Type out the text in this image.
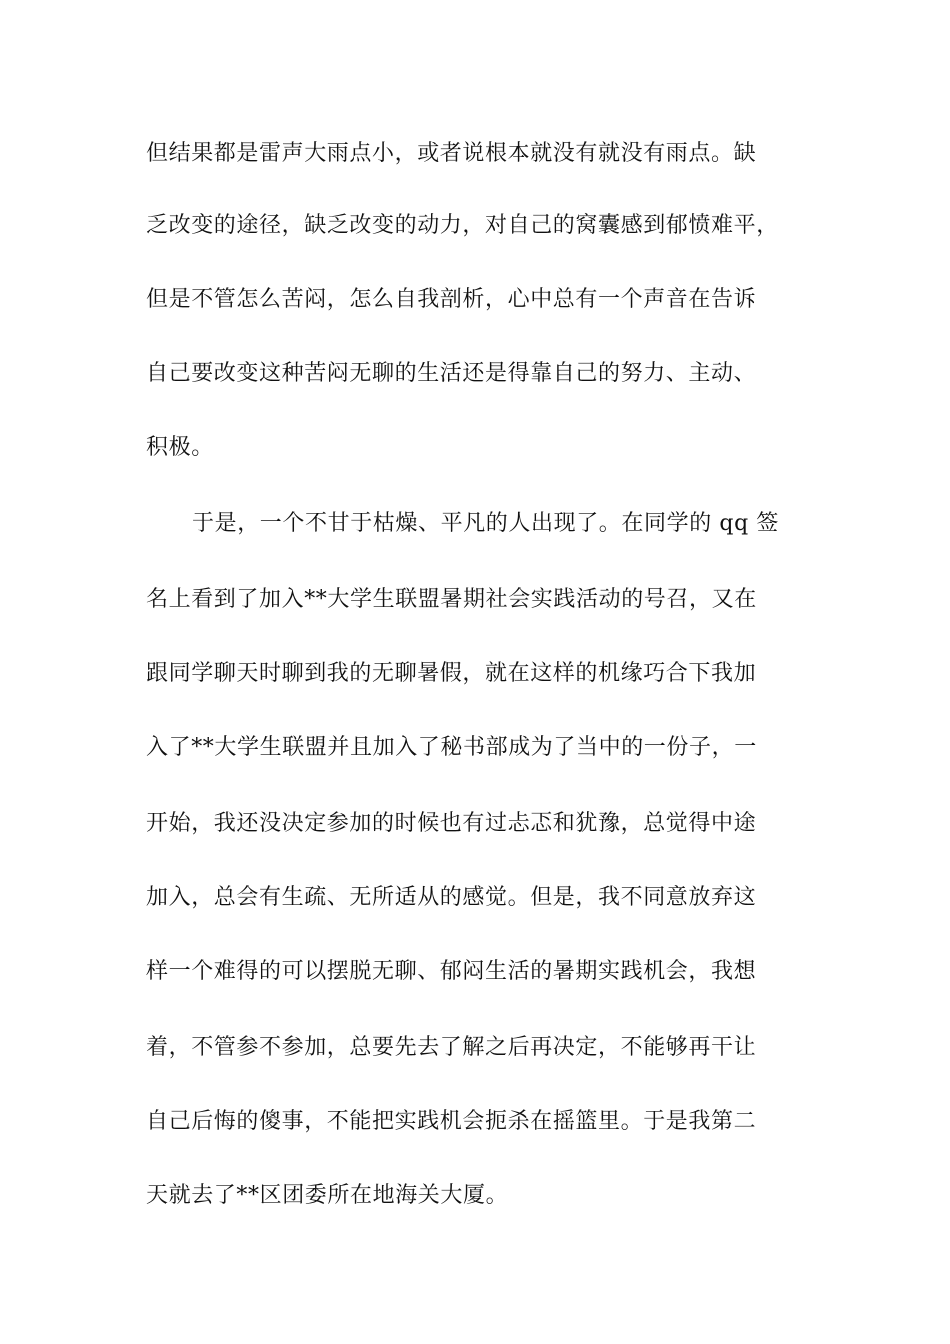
但结果都是雷声大雨点小，或者说根本就没有就没有雨点。缺
乏改变的途径，缺乏改变的动力，对自己的窝囊感到郁愤难平，
但是不管怎么苦闷，怎么自我剖析，心中总有一个声音在告诉
自己要改变这种苦闷无聊的生活还是得靠自己的努力、主动、
积极。
于是，一个不甘于枯燥、平凡的人出现了。在同学的 qq 签
名上看到了加入**大学生联盟暑期社会实践活动的号召，又在
跟同学聊天时聊到我的无聊暑假，就在这样的机缘巧合下我加
入了**大学生联盟并且加入了秘书部成为了当中的一份子，一
开始，我还没决定参加的时候也有过忐忑和犹豫，总觉得中途
加入，总会有生疏、无所适从的感觉。但是，我不同意放弃这
样一个难得的可以摆脱无聊、郁闷生活的暑期实践机会，我想
着，不管参不参加，总要先去了解之后再决定，不能够再干让
自己后悔的傻事，不能把实践机会扼杀在摇篮里。于是我第二
天就去了**区团委所在地海关大厦。
